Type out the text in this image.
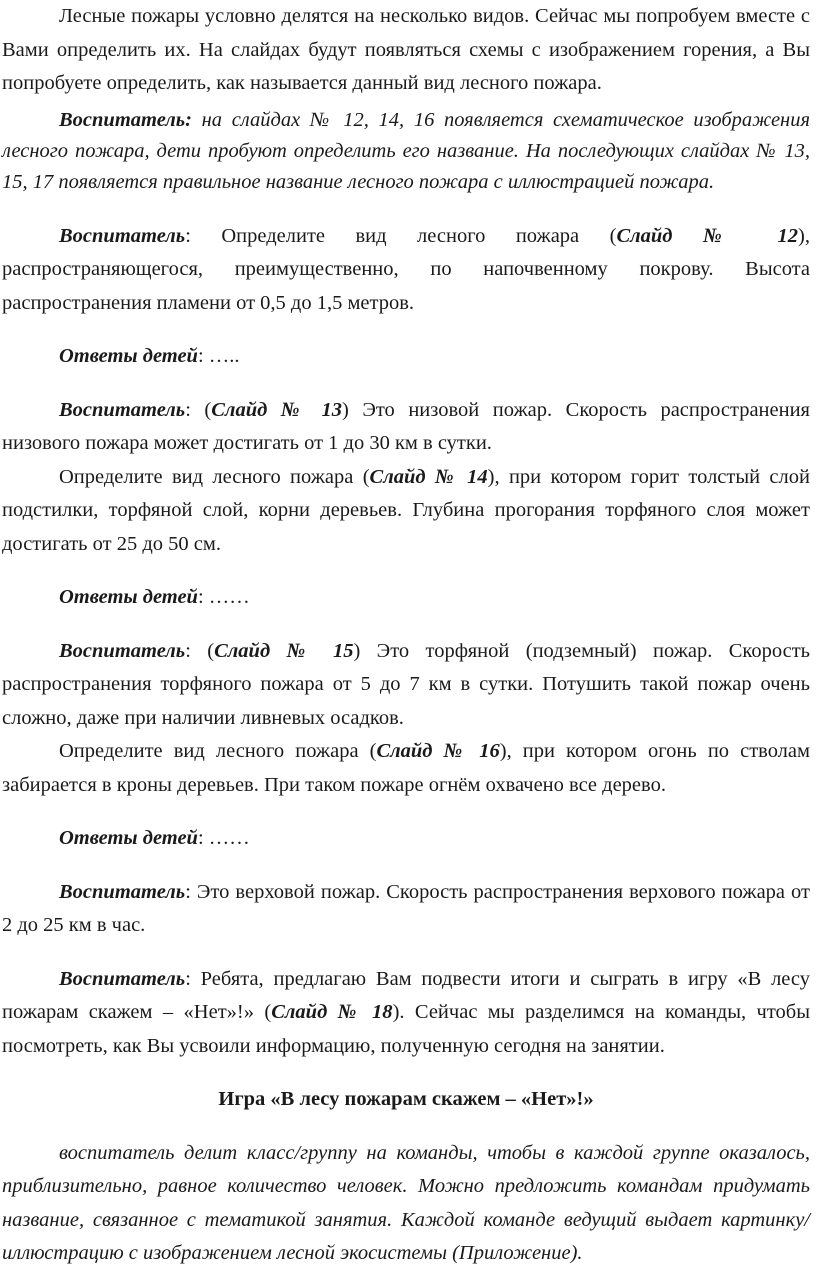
Лесные пожары условно делятся на несколько видов. Сейчас мы попробуем вместе с Вами определить их. На слайдах будут появляться схемы с изображением горения, а Вы попробуете определить, как называется данный вид лесного пожара.

Воспитатель: на слайдах № 12, 14, 16 появляется схематическое изображения лесного пожара, дети пробуют определить его название. На последующих слайдах № 13, 15, 17 появляется правильное название лесного пожара с иллюстрацией пожара.

Воспитатель: Определите вид лесного пожара (Слайд № 12), распространяющегося, преимущественно, по напочвенному покрову. Высота распространения пламени от 0,5 до 1,5 метров.

Ответы детей: …..

Воспитатель: (Слайд № 13) Это низовой пожар. Скорость распространения низового пожара может достигать от 1 до 30 км в сутки.

Определите вид лесного пожара (Слайд № 14), при котором горит толстый слой подстилки, торфяной слой, корни деревьев. Глубина прогорания торфяного слоя может достигать от 25 до 50 см.

Ответы детей: ……

Воспитатель: (Слайд № 15) Это торфяной (подземный) пожар. Скорость распространения торфяного пожара от 5 до 7 км в сутки. Потушить такой пожар очень сложно, даже при наличии ливневых осадков.

Определите вид лесного пожара (Слайд № 16), при котором огонь по стволам забирается в кроны деревьев. При таком пожаре огнём охвачено все дерево.

Ответы детей: ……

Воспитатель: Это верховой пожар. Скорость распространения верхового пожара от 2 до 25 км в час.

Воспитатель: Ребята, предлагаю Вам подвести итоги и сыграть в игру «В лесу пожарам скажем – «Нет»!» (Слайд № 18). Сейчас мы разделимся на команды, чтобы посмотреть, как Вы усвоили информацию, полученную сегодня на занятии.

Игра «В лесу пожарам скажем – «Нет»!»

воспитатель делит класс/группу на команды, чтобы в каждой группе оказалось, приблизительно, равное количество человек. Можно предложить командам придумать название, связанное с тематикой занятия. Каждой команде ведущий выдает картинку/иллюстрацию с изображением лесной экосистемы (Приложение).
